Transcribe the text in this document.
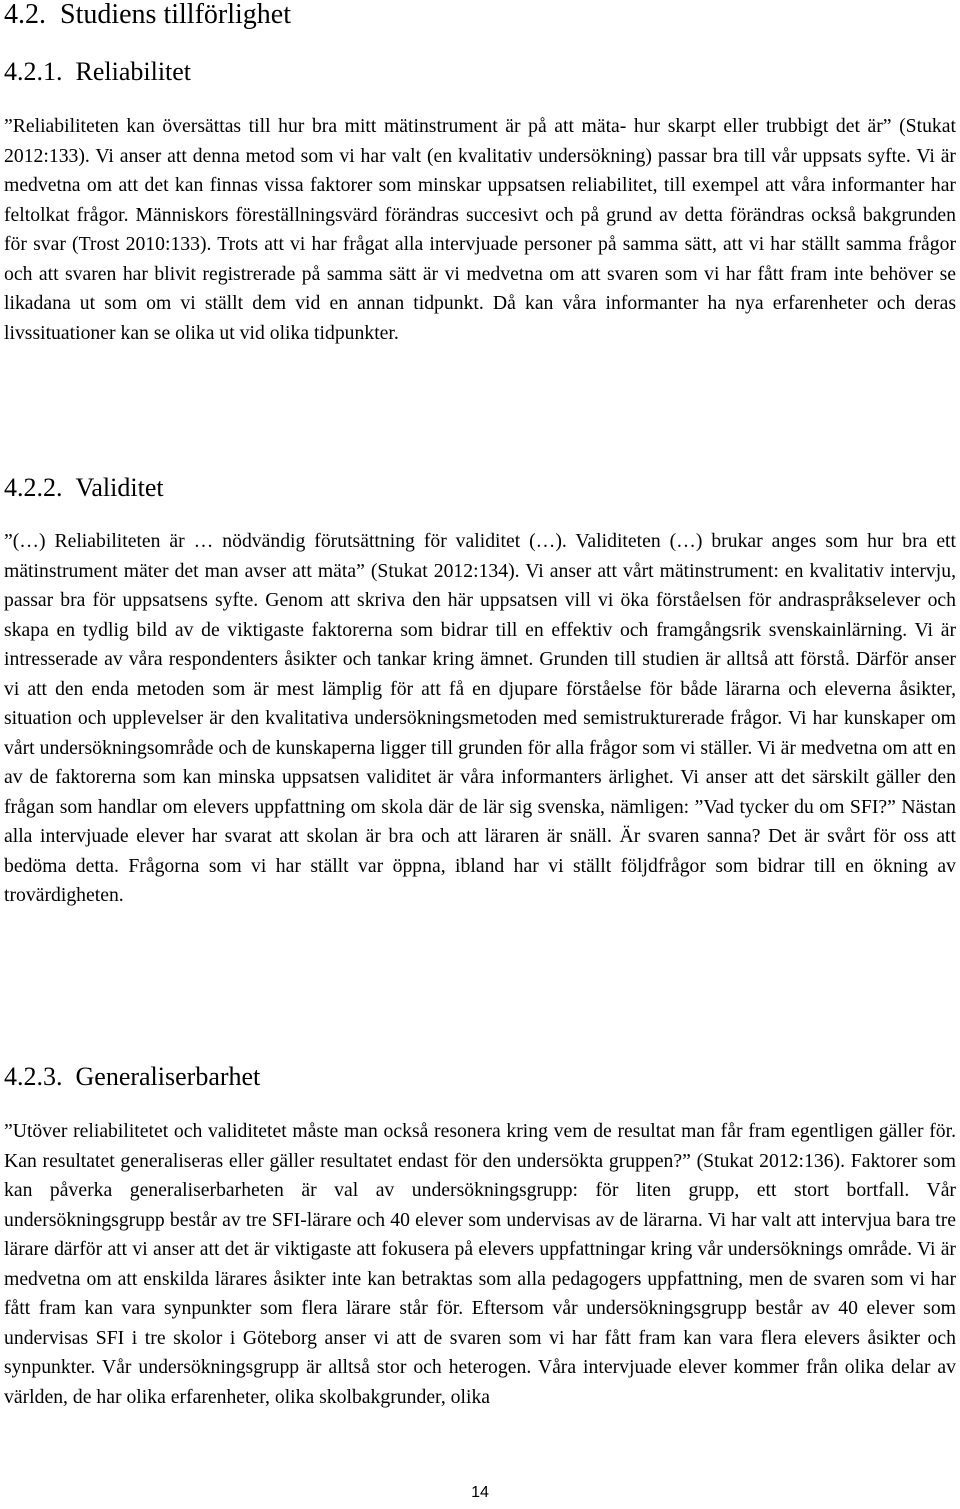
4.2. Studiens tillförlighet
4.2.1. Reliabilitet

”Reliabiliteten kan översättas till hur bra mitt mätinstrument är på att mäta- hur skarpt eller trubbigt det är” (Stukat 2012:133). Vi anser att denna metod som vi har valt (en kvalitativ undersökning) passar bra till vår uppsats syfte. Vi är medvetna om att det kan finnas vissa faktorer som minskar uppsatsen reliabilitet, till exempel att våra informanter har feltolkat frågor. Människors föreställningsvärd förändras succesivt och på grund av detta förändras också bakgrunden för svar (Trost 2010:133). Trots att vi har frågat alla intervjuade personer på samma sätt, att vi har ställt samma frågor och att svaren har blivit registrerade på samma sätt är vi medvetna om att svaren som vi har fått fram inte behöver se likadana ut som om vi ställt dem vid en annan tidpunkt. Då kan våra informanter ha nya erfarenheter och deras livssituationer kan se olika ut vid olika tidpunkter.

4.2.2. Validitet

”(…) Reliabiliteten är … nödvändig förutsättning för validitet (…). Validiteten (…) brukar anges som hur bra ett mätinstrument mäter det man avser att mäta” (Stukat 2012:134). Vi anser att vårt mätinstrument: en kvalitativ intervju, passar bra för uppsatsens syfte. Genom att skriva den här uppsatsen vill vi öka förståelsen för andraspråkselever och skapa en tydlig bild av de viktigaste faktorerna som bidrar till en effektiv och framgångsrik svenskainlärning. Vi är intresserade av våra respondenters åsikter och tankar kring ämnet. Grunden till studien är alltså att förstå. Därför anser vi att den enda metoden som är mest lämplig för att få en djupare förståelse för både lärarna och eleverna åsikter, situation och upplevelser är den kvalitativa undersökningsmetoden med semistrukturerade frågor. Vi har kunskaper om vårt undersökningsområde och de kunskaperna ligger till grunden för alla frågor som vi ställer. Vi är medvetna om att en av de faktorerna som kan minska uppsatsen validitet är våra informanters ärlighet. Vi anser att det särskilt gäller den frågan som handlar om elevers uppfattning om skola där de lär sig svenska, nämligen: ”Vad tycker du om SFI?” Nästan alla intervjuade elever har svarat att skolan är bra och att läraren är snäll. Är svaren sanna? Det är svårt för oss att bedöma detta. Frågorna som vi har ställt var öppna, ibland har vi ställt följdfrågor som bidrar till en ökning av trovärdigheten.

4.2.3. Generaliserbarhet

”Utöver reliabilitetet och validitetet måste man också resonera kring vem de resultat man får fram egentligen gäller för. Kan resultatet generaliseras eller gäller resultatet endast för den undersökta gruppen?” (Stukat 2012:136). Faktorer som kan påverka generaliserbarheten är val av undersökningsgrupp: för liten grupp, ett stort bortfall. Vår undersökningsgrupp består av tre SFI-lärare och 40 elever som undervisas av de lärarna. Vi har valt att intervjua bara tre lärare därför att vi anser att det är viktigaste att fokusera på elevers uppfattningar kring vår undersöknings område. Vi är medvetna om att enskilda lärares åsikter inte kan betraktas som alla pedagogers uppfattning, men de svaren som vi har fått fram kan vara synpunkter som flera lärare står för. Eftersom vår undersökningsgrupp består av 40 elever som undervisas SFI i tre skolor i Göteborg anser vi att de svaren som vi har fått fram kan vara flera elevers åsikter och synpunkter. Vår undersökningsgrupp är alltså stor och heterogen. Våra intervjuade elever kommer från olika delar av världen, de har olika erfarenheter, olika skolbakgrunder, olika

14
